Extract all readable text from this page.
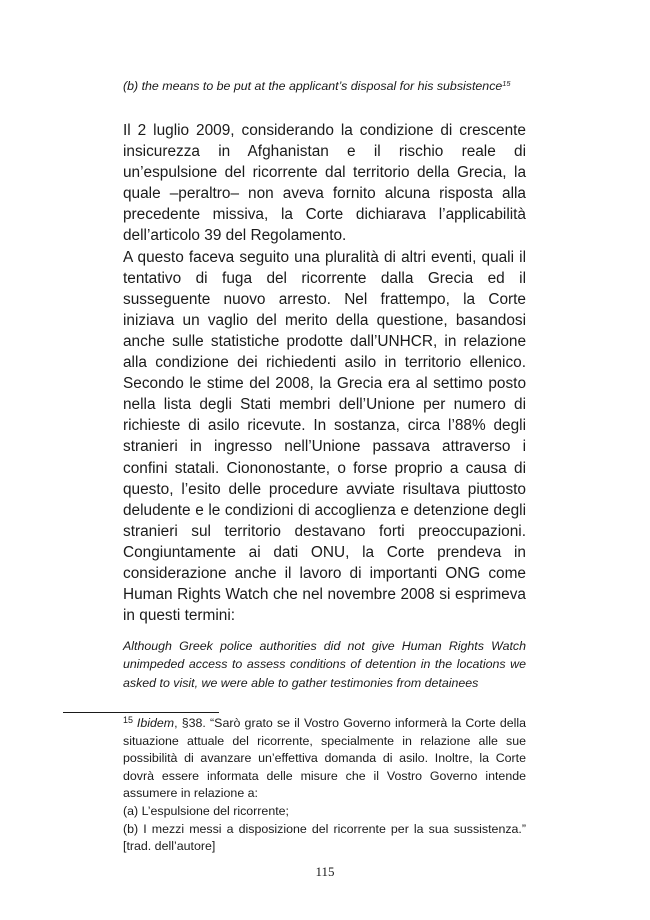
(b) the means to be put at the applicant’s disposal for his subsistence$^{15}$

Il 2 luglio 2009, considerando la condizione di crescente insicurezza in Afghanistan e il rischio reale di un’espulsione del ricorrente dal territorio della Grecia, la quale –peraltro– non aveva fornito alcuna risposta alla precedente missiva, la Corte dichiarava l’applicabilità dell’articolo 39 del Regolamento.

A questo faceva seguito una pluralità di altri eventi, quali il tentativo di fuga del ricorrente dalla Grecia ed il susseguente nuovo arresto. Nel frattempo, la Corte iniziava un vaglio del merito della questione, basandosi anche sulle statistiche prodotte dall’UNHCR, in relazione alla condizione dei richiedenti asilo in territorio ellenico. Secondo le stime del 2008, la Grecia era al settimo posto nella lista degli Stati membri dell’Unione per numero di richieste di asilo ricevute. In sostanza, circa l’88% degli stranieri in ingresso nell’Unione passava attraverso i confini statali. Ciononostante, o forse proprio a causa di questo, l’esito delle procedure avviate risultava piuttosto deludente e le condizioni di accoglienza e detenzione degli stranieri sul territorio destavano forti preoccupazioni. Congiuntamente ai dati ONU, la Corte prendeva in considerazione anche il lavoro di importanti ONG come Human Rights Watch che nel novembre 2008 si esprimeva in questi termini:

Although Greek police authorities did not give Human Rights Watch unimpeded access to assess conditions of detention in the locations we asked to visit, we were able to gather testimonies from detainees

$^{15}$ Ibidem, §38. “Sarò grato se il Vostro Governo informerà la Corte della situazione attuale del ricorrente, specialmente in relazione alle sue possibilità di avanzare un’effettiva domanda di asilo. Inoltre, la Corte dovrà essere informata delle misure che il Vostro Governo intende assumere in relazione a:
(a) L’espulsione del ricorrente;
(b) I mezzi messi a disposizione del ricorrente per la sua sussistenza.” [trad. dell’autore]
115
